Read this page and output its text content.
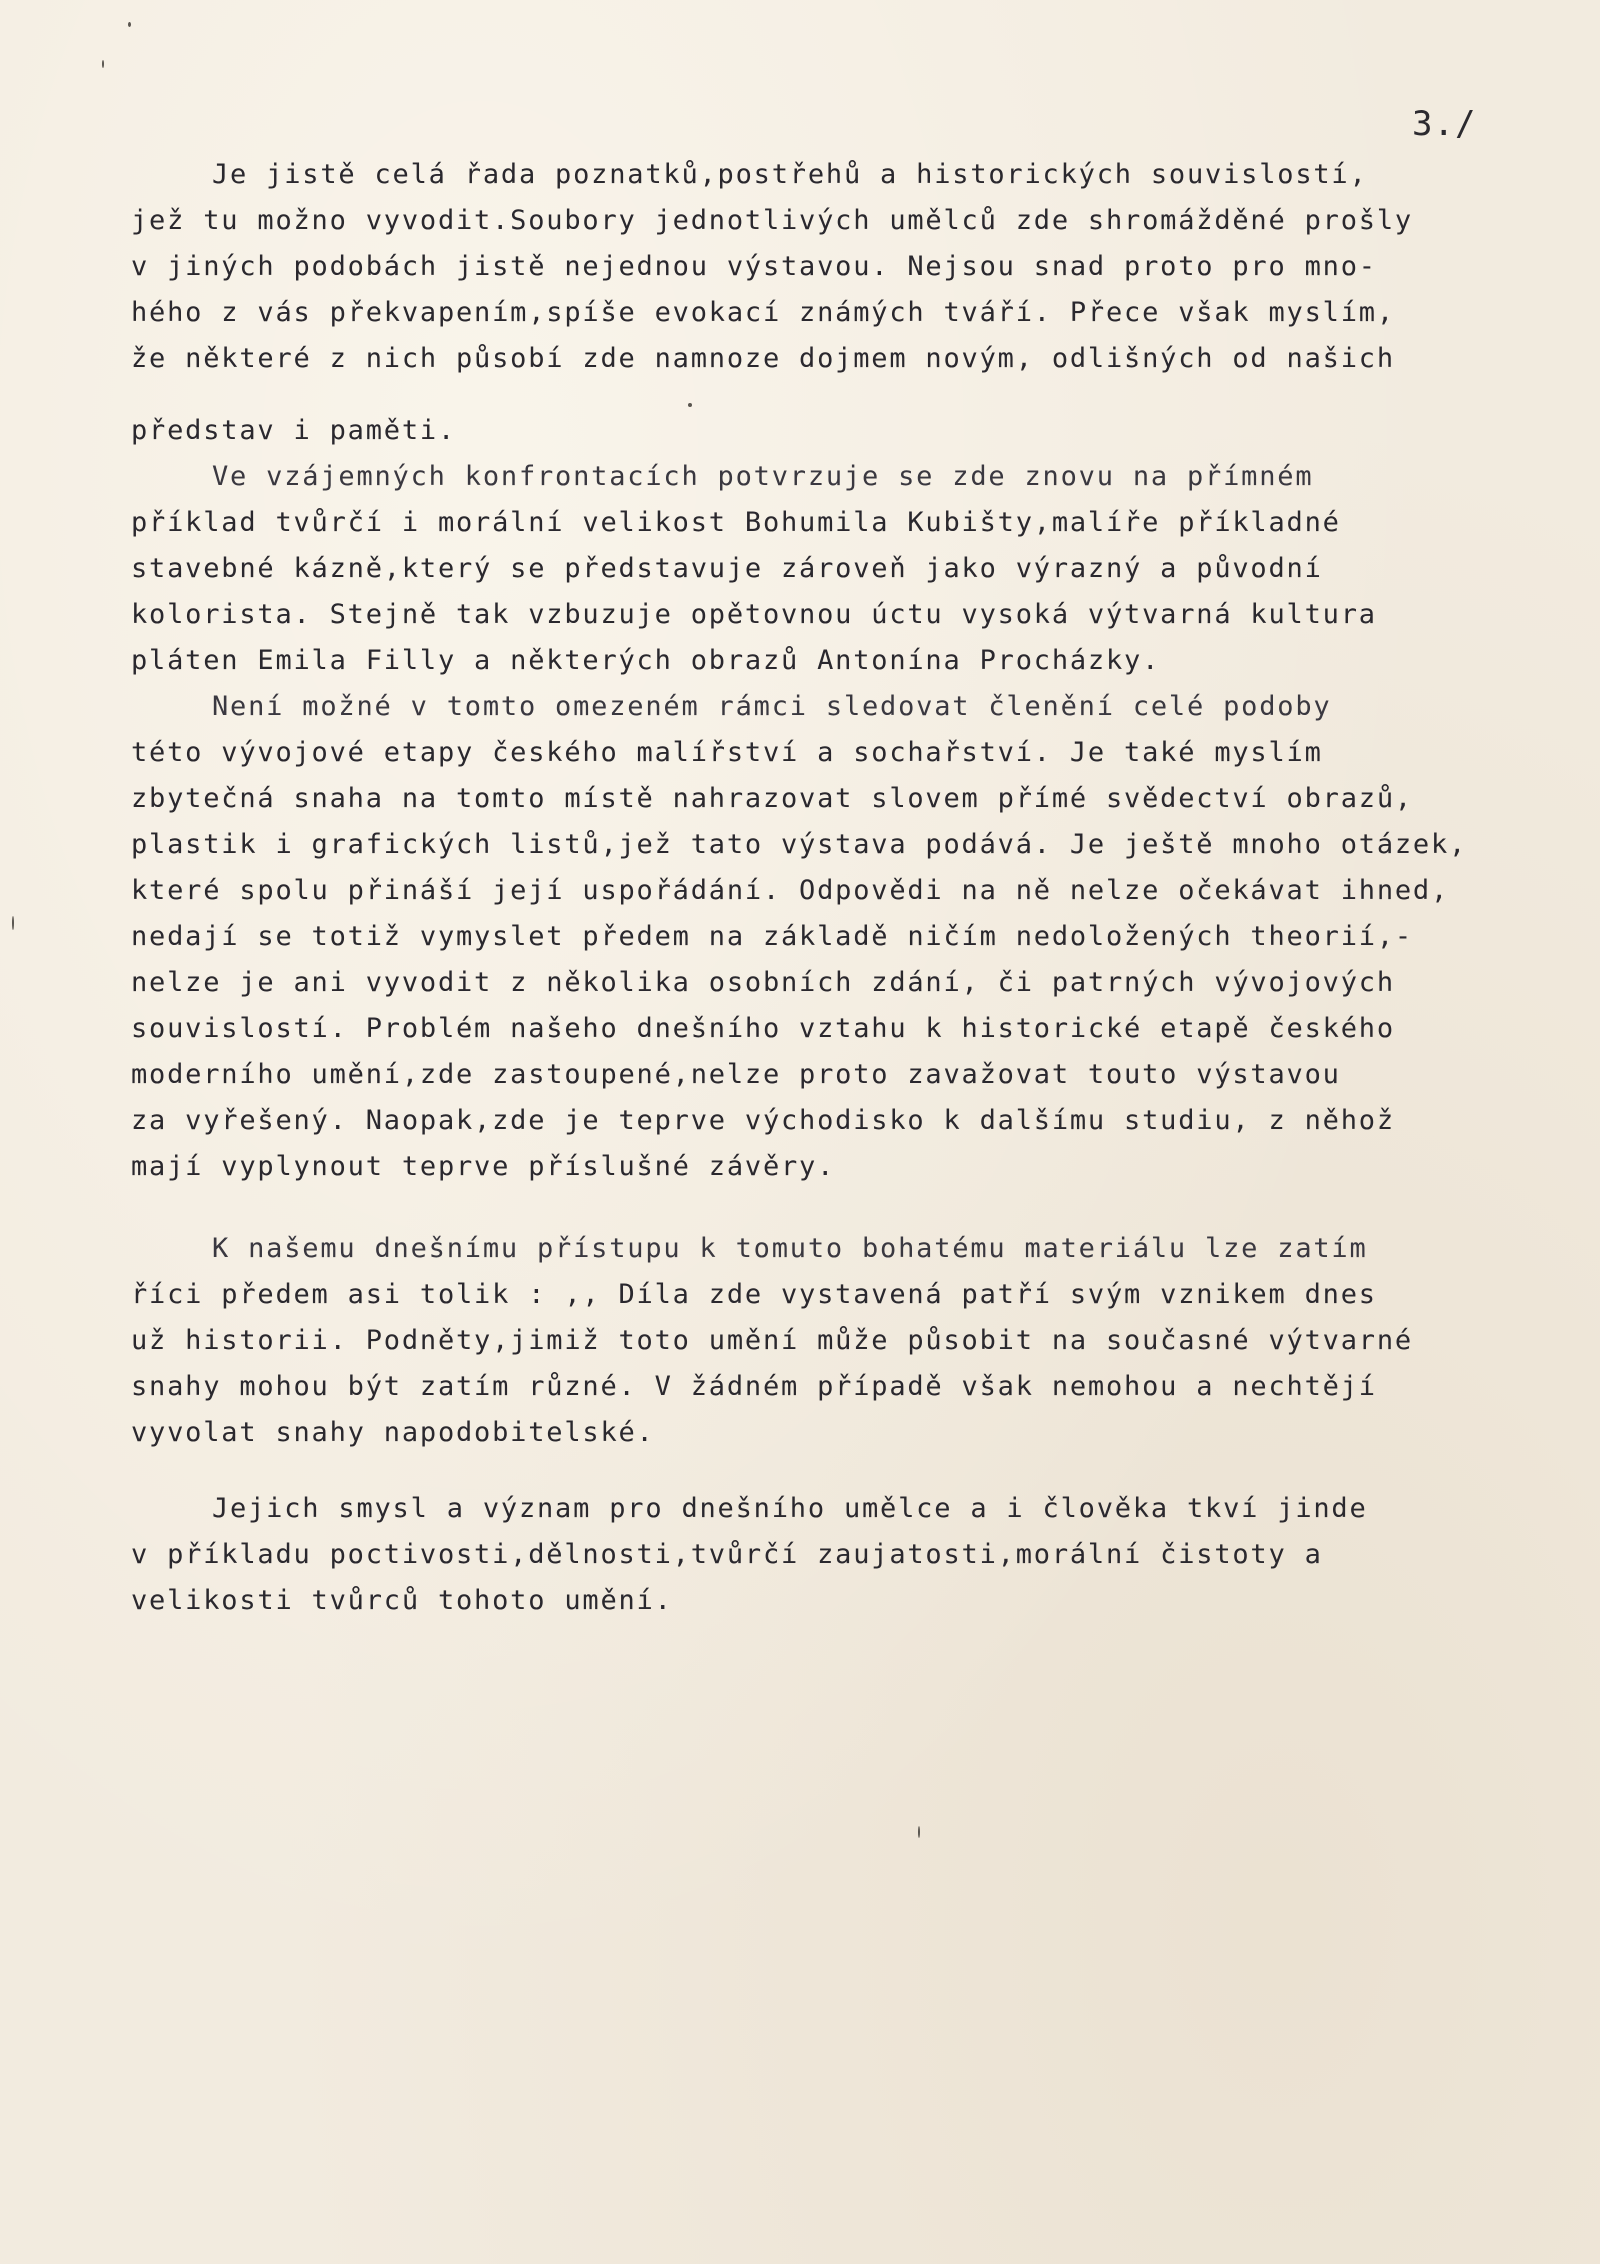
3./
Je jistě celá řada poznatků,postřehů a historických souvislostí,
jež tu možno vyvodit.Soubory jednotlivých umělců zde shromážděné prošly
v jiných podobách jistě nejednou výstavou. Nejsou snad proto pro mno-
hého z vás překvapením,spíše evokací známých tváří. Přece však myslím,
že některé z nich působí zde namnoze dojmem novým, odlišných od našich
představ i paměti.
Ve vzájemných konfrontacích potvrzuje se zde znovu na přímném
příklad tvůrčí i morální velikost Bohumila Kubišty,malíře příkladné
stavebné kázně,který se představuje zároveň jako výrazný a původní
kolorista. Stejně tak vzbuzuje opětovnou úctu vysoká výtvarná kultura
pláten Emila Filly a některých obrazů Antonína Procházky.
Není možné v tomto omezeném rámci sledovat členění celé podoby
této vývojové etapy českého malířství a sochařství. Je také myslím
zbytečná snaha na tomto místě nahrazovat slovem přímé svědectví obrazů,
plastik i grafických listů,jež tato výstava podává. Je ještě mnoho otázek,
které spolu přináší její uspořádání. Odpovědi na ně nelze očekávat ihned,
nedají se totiž vymyslet předem na základě ničím nedoložených theorií,-
nelze je ani vyvodit z několika osobních zdání, či patrných vývojových
souvislostí. Problém našeho dnešního vztahu k historické etapě českého
moderního umění,zde zastoupené,nelze proto zavažovat touto výstavou
za vyřešený. Naopak,zde je teprve východisko k dalšímu studiu, z něhož
mají vyplynout teprve příslušné závěry.
K našemu dnešnímu přístupu k tomuto bohatému materiálu lze zatím
říci předem asi tolik : ,, Díla zde vystavená patří svým vznikem dnes
už historii. Podněty,jimiž toto umění může působit na současné výtvarné
snahy mohou být zatím různé. V žádném případě však nemohou a nechtějí
vyvolat snahy napodobitelské.
Jejich smysl a význam pro dnešního umělce a i člověka tkví jinde
v příkladu poctivosti,dělnosti,tvůrčí zaujatosti,morální čistoty a
velikosti tvůrců tohoto umění.
